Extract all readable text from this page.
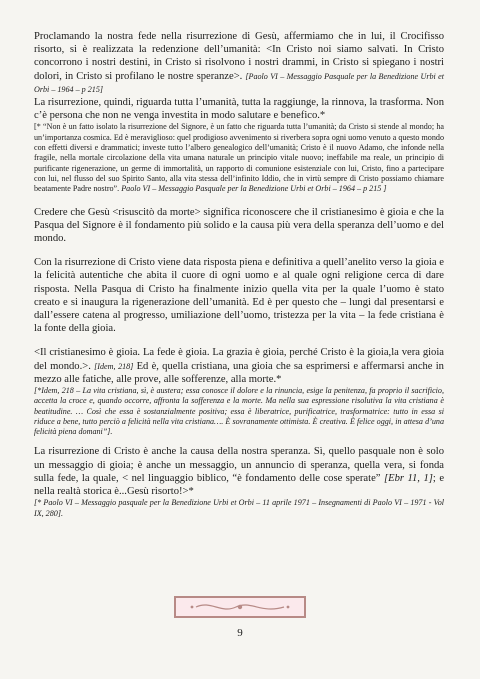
Proclamando la nostra fede nella risurrezione di Gesù, affermiamo che in lui, il Crocifisso risorto, si è realizzata la redenzione dell’umanità: <In Cristo noi siamo salvati. In Cristo concorrono i nostri destini, in Cristo si risolvono i nostri drammi, in Cristo si spiegano i nostri dolori, in Cristo si profilano le nostre speranze>. [Paolo VI – Messaggio Pasquale per la Benedizione Urbi et Orbi – 1964 – p 215]

La risurrezione, quindi, riguarda tutta l’umanità, tutta la raggiunge, la rinnova, la trasforma. Non c’è persona che non ne venga investita in modo salutare e benefico.*

[* “Non è un fatto isolato la risurrezione del Signore, è un fatto che riguarda tutta l’umanità; da Cristo si stende al mondo; ha un’importanza cosmica. Ed è meraviglioso: quel prodigioso avvenimento si riverbera sopra ogni uomo venuto a questo mondo con effetti diversi e drammatici; investe tutto l’albero genealogico dell’umanità; Cristo è il nuovo Adamo, che infonde nella fragile, nella mortale circolazione della vita umana naturale un principio vitale nuovo; ineffabile ma reale, un principio di purificante rigenerazione, un germe di immortalità, un rapporto di comunione esistenziale con lui, Cristo, fino a partecipare con lui, nel flusso del suo Spirito Santo, alla vita stessa dell’infinito Iddio, che in virtù sempre di Cristo possiamo chiamare beatamente Padre nostro”. Paolo VI – Messaggio Pasquale per la Benedizione Urbi et Orbi – 1964 – p 215 ]

Credere che Gesù <risuscitò da morte> significa riconoscere che il cristianesimo è gioia e che la Pasqua del Signore è il fondamento più solido e la causa più vera della speranza dell’uomo e del mondo.

Con la risurrezione di Cristo viene data risposta piena e definitiva a quell’anelito verso la gioia e la felicità autentiche che abita il cuore di ogni uomo e al quale ogni religione cerca di dare risposta. Nella Pasqua di Cristo ha finalmente inizio quella vita per la quale l’uomo è stato creato e si inaugura la rigenerazione dell’umanità. Ed è per questo che – lungi dal presentarsi e dall’essere catena al progresso, umiliazione dell’uomo, tristezza per la vita – la fede cristiana è la fonte della gioia.

<Il cristianesimo è gioia. La fede è gioia. La grazia è gioia, perché Cristo è la gioia,la vera gioia del mondo.>. [Idem, 218] Ed è, quella cristiana, una gioia che sa esprimersi e affermarsi anche in mezzo alle fatiche, alle prove, alle sofferenze, alla morte.*

[*Idem, 218 – La vita cristiana, sì, è austera; essa conosce il dolore e la rinuncia, esige la penitenza, fa proprio il sacrificio, accetta la croce e, quando occorre, affronta la sofferenza e la morte. Ma nella sua espressione risolutiva la vita cristiana è beatitudine. … Così che essa è sostanzialmente positiva; essa è liberatrice, purificatrice, trasformatrice: tutto in essa si riduce a bene, tutto perciò a felicità nella vita cristiana…. È sovranamente ottimista. È creativa. È felice oggi, in attesa d’una felicità piena domani”].

La risurrezione di Cristo è anche la causa della nostra speranza. Sì, quello pasquale non è solo un messaggio di gioia; è anche un messaggio, un annuncio di speranza, quella vera, si fonda sulla fede, la quale, < nel linguaggio biblico, “è fondamento delle cose sperate” [Ebr 11, 1]; e nella realtà storica è...Gesù risorto!>*

[* Paolo VI – Messaggio pasquale per la Benedizione Urbi et Orbi – 11 aprile 1971 – Insegnamenti di Paolo VI – 1971 - Vol IX, 280].

9
